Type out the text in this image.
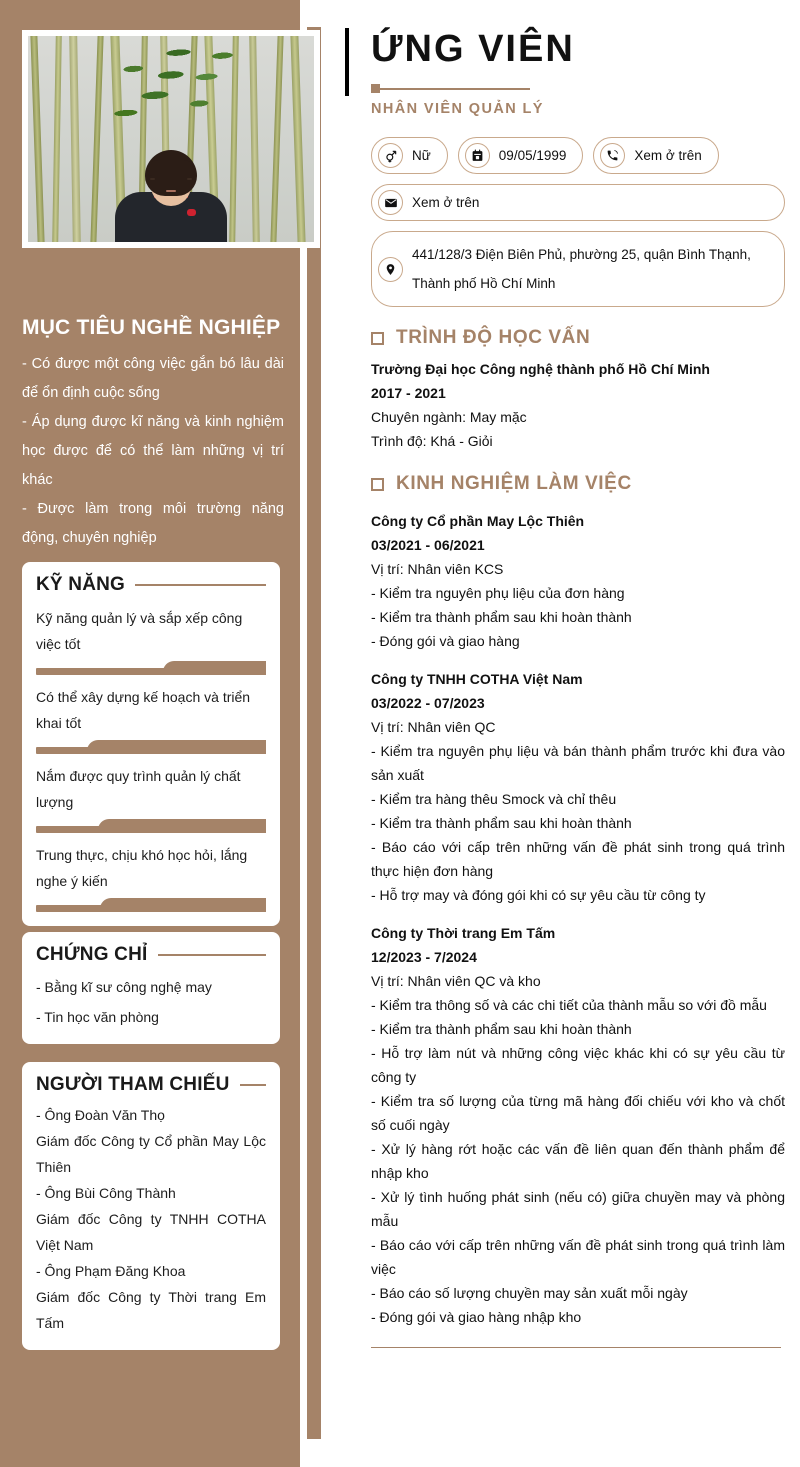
MỤC TIÊU NGHỀ NGHIỆP

- Có được một công việc gắn bó lâu dài để ổn định cuộc sống

- Áp dụng được kĩ năng và kinh nghiệm học được để có thể làm những vị trí khác

- Được làm trong môi trường năng động, chuyên nghiệp

KỸ NĂNG
Kỹ năng quản lý và sắp xếp công việc tốt
Có thể xây dựng kế hoạch và triển khai tốt
Nắm được quy trình quản lý chất lượng
Trung thực, chịu khó học hỏi, lắng nghe ý kiến
CHỨNG CHỈ
- Bằng kĩ sư công nghệ may
- Tin học văn phòng
NGƯỜI THAM CHIẾU
- Ông Đoàn Văn Thọ
Giám đốc Công ty Cổ phần May Lộc Thiên
- Ông Bùi Công Thành
Giám đốc Công ty TNHH COTHA Việt Nam
- Ông Phạm Đăng Khoa
Giám đốc Công ty Thời trang Em Tấm
ỨNG VIÊN
NHÂN VIÊN QUẢN LÝ
Nữ	09/05/1999	Xem ở trên
Xem ở trên
441/128/3 Điện Biên Phủ, phường 25, quận Bình Thạnh, Thành phố Hồ Chí Minh
TRÌNH ĐỘ HỌC VẤN
Trường Đại học Công nghệ thành phố Hồ Chí Minh
2017 - 2021
Chuyên ngành: May mặc
Trình độ: Khá - Giỏi
KINH NGHIỆM LÀM VIỆC
Công ty Cổ phần May Lộc Thiên
03/2021 - 06/2021
Vị trí: Nhân viên KCS
- Kiểm tra nguyên phụ liệu của đơn hàng
- Kiểm tra thành phẩm sau khi hoàn thành
- Đóng gói và giao hàng
Công ty TNHH COTHA Việt Nam
03/2022 - 07/2023
Vị trí: Nhân viên QC
- Kiểm tra nguyên phụ liệu và bán thành phẩm trước khi đưa vào sản xuất
- Kiểm tra hàng thêu Smock và chỉ thêu
- Kiểm tra thành phẩm sau khi hoàn thành
- Báo cáo với cấp trên những vấn đề phát sinh trong quá trình thực hiện đơn hàng
- Hỗ trợ may và đóng gói khi có sự yêu cầu từ công ty
Công ty Thời trang Em Tấm
12/2023 - 7/2024
Vị trí: Nhân viên QC và kho
- Kiểm tra thông số và các chi tiết của thành mẫu so với đồ mẫu
- Kiểm tra thành phẩm sau khi hoàn thành
- Hỗ trợ làm nút và những công việc khác khi có sự yêu cầu từ công ty
- Kiểm tra số lượng của từng mã hàng đối chiếu với kho và chốt số cuối ngày
- Xử lý hàng rớt hoặc các vấn đề liên quan đến thành phẩm để nhập kho
- Xử lý tình huống phát sinh (nếu có) giữa chuyền may và phòng mẫu
- Báo cáo với cấp trên những vấn đề phát sinh trong quá trình làm việc
- Báo cáo số lượng chuyền may sản xuất mỗi ngày
- Đóng gói và giao hàng nhập kho
